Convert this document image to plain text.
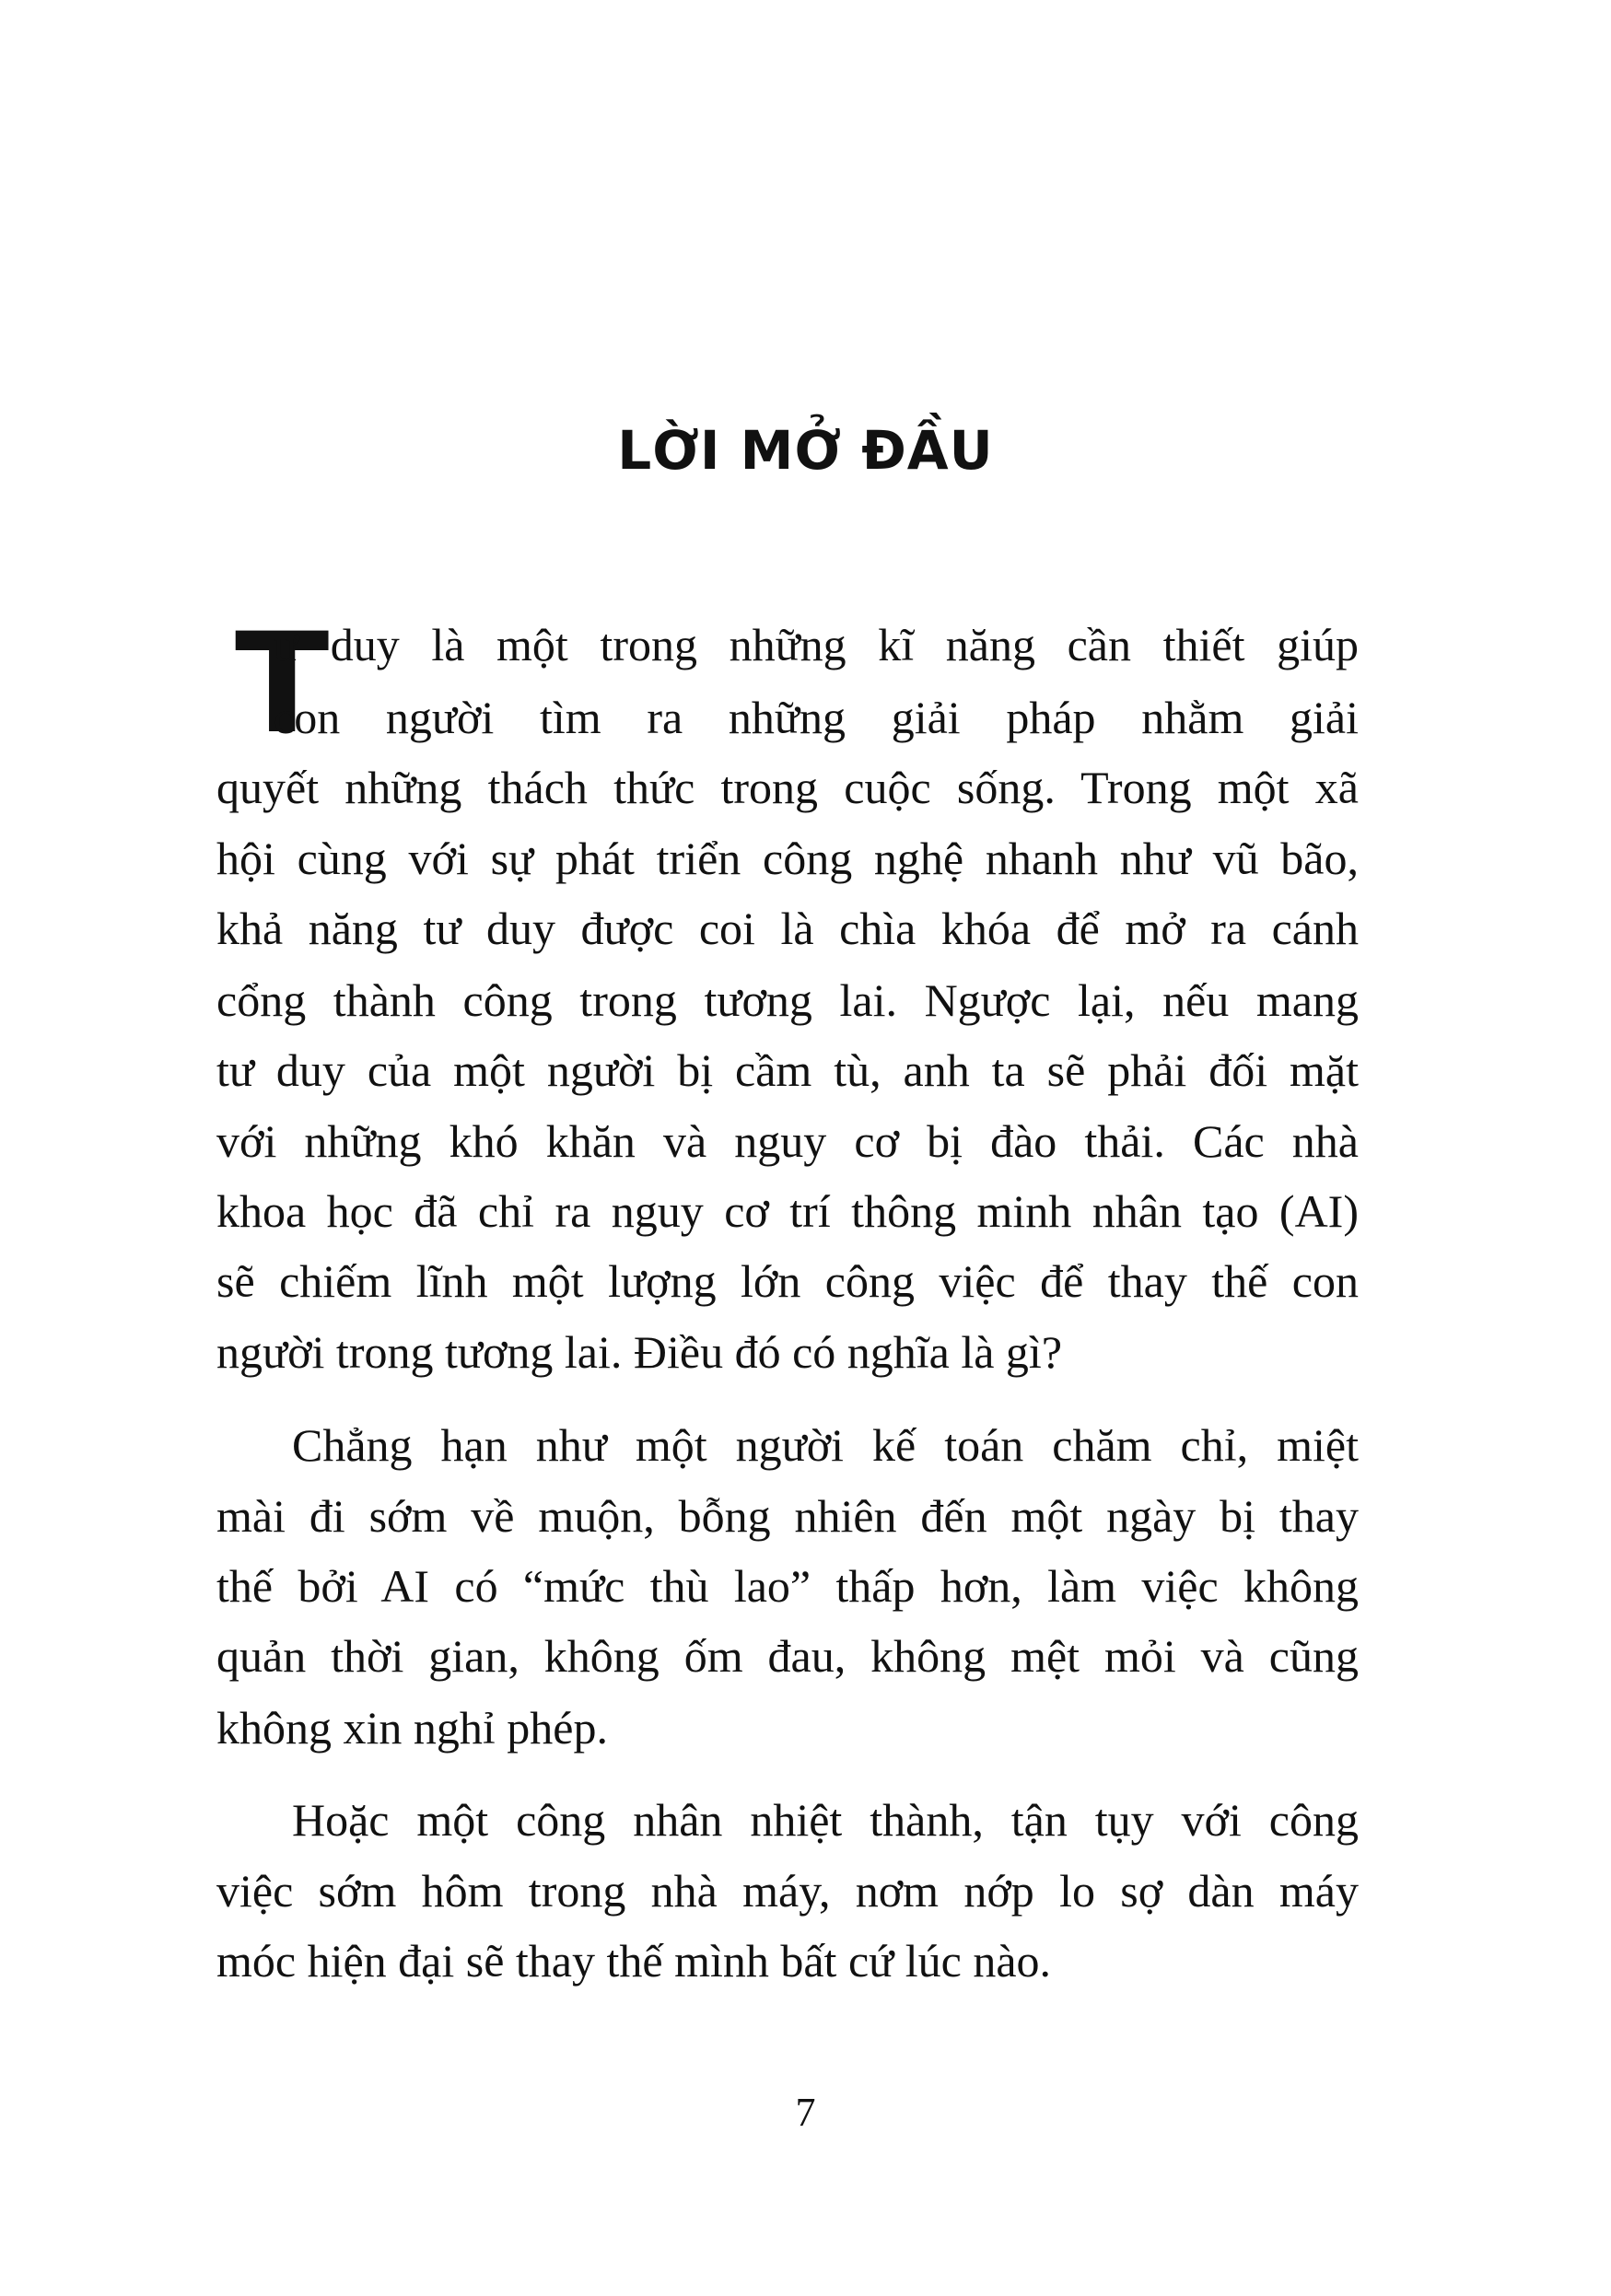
LỜI MỞ ĐẦU
T
ư duy là một trong những kĩ năng cần thiết giúp
con người tìm ra những giải pháp nhằm giải
quyết những thách thức trong cuộc sống. Trong một xã
hội cùng với sự phát triển công nghệ nhanh như vũ bão,
khả năng tư duy được coi là chìa khóa để mở ra cánh
cổng thành công trong tương lai. Ngược lại, nếu mang
tư duy của một người bị cầm tù, anh ta sẽ phải đối mặt
với những khó khăn và nguy cơ bị đào thải. Các nhà
khoa học đã chỉ ra nguy cơ trí thông minh nhân tạo (AI)
sẽ chiếm lĩnh một lượng lớn công việc để thay thế con
người trong tương lai. Điều đó có nghĩa là gì?
Chẳng hạn như một người kế toán chăm chỉ, miệt
mài đi sớm về muộn, bỗng nhiên đến một ngày bị thay
thế bởi AI có “mức thù lao” thấp hơn, làm việc không
quản thời gian, không ốm đau, không mệt mỏi và cũng
không xin nghỉ phép.
Hoặc một công nhân nhiệt thành, tận tụy với công
việc sớm hôm trong nhà máy, nơm nớp lo sợ dàn máy
móc hiện đại sẽ thay thế mình bất cứ lúc nào.
7
